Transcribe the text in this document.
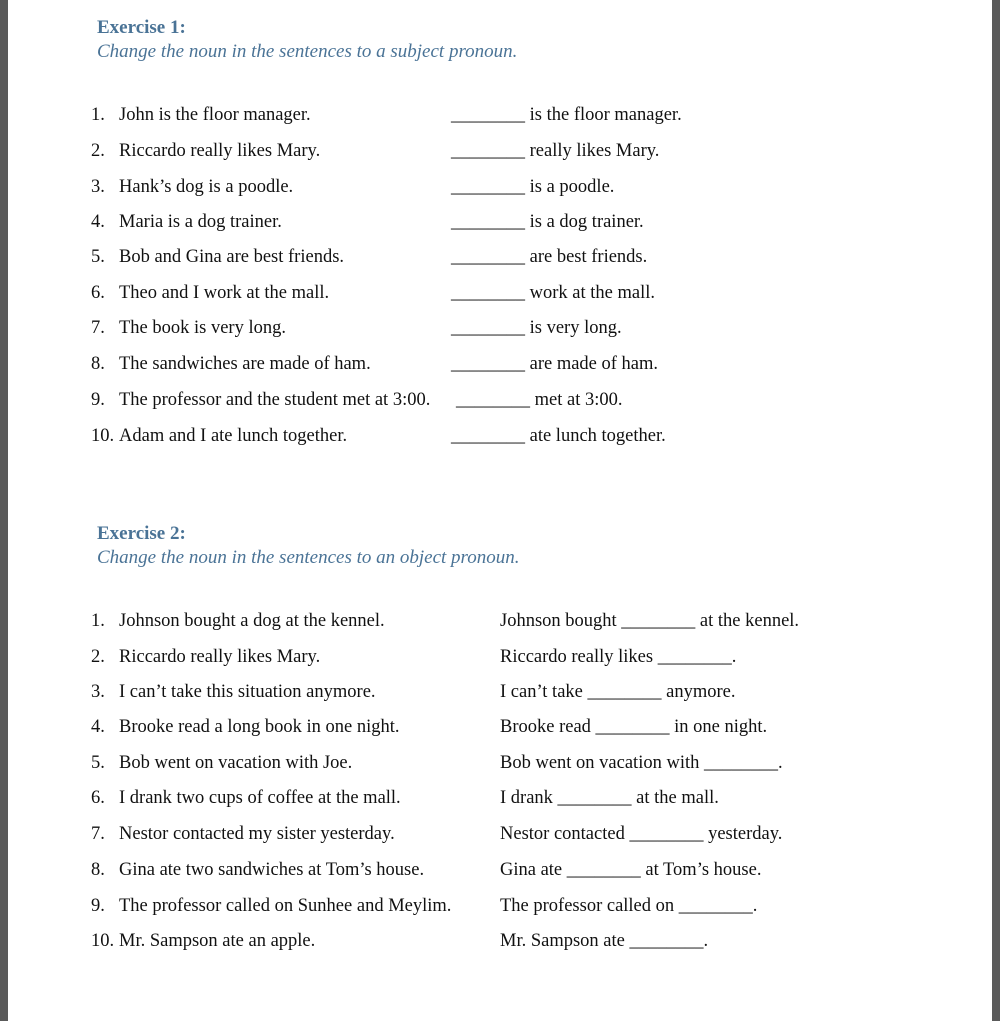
Exercise 1:

Change the noun in the sentences to a subject pronoun.

1. John is the floor manager.	________ is the floor manager.
2. Riccardo really likes Mary.	________ really likes Mary.
3. Hank’s dog is a poodle.	________ is a poodle.
4. Maria is a dog trainer.	________ is a dog trainer.
5. Bob and Gina are best friends.	________ are best friends.
6. Theo and I work at the mall.	________ work at the mall.
7. The book is very long.	________ is very long.
8. The sandwiches are made of ham.	________ are made of ham.
9. The professor and the student met at 3:00. ________ met at 3:00.
10. Adam and I ate lunch together.	________ ate lunch together.
Exercise 2:

Change the noun in the sentences to an object pronoun.

1. Johnson bought a dog at the kennel.	Johnson bought ________ at the kennel.
2. Riccardo really likes Mary.	Riccardo really likes ________.
3. I can’t take this situation anymore.	I can’t take ________ anymore.
4. Brooke read a long book in one night.	Brooke read ________ in one night.
5. Bob went on vacation with Joe.	Bob went on vacation with ________.
6. I drank two cups of coffee at the mall.	I drank ________ at the mall.
7. Nestor contacted my sister yesterday.	Nestor contacted ________ yesterday.
8. Gina ate two sandwiches at Tom’s house.	Gina ate ________ at Tom’s house.
9. The professor called on Sunhee and Meylim.	The professor called on ________.
10. Mr. Sampson ate an apple.	Mr. Sampson ate ________.
